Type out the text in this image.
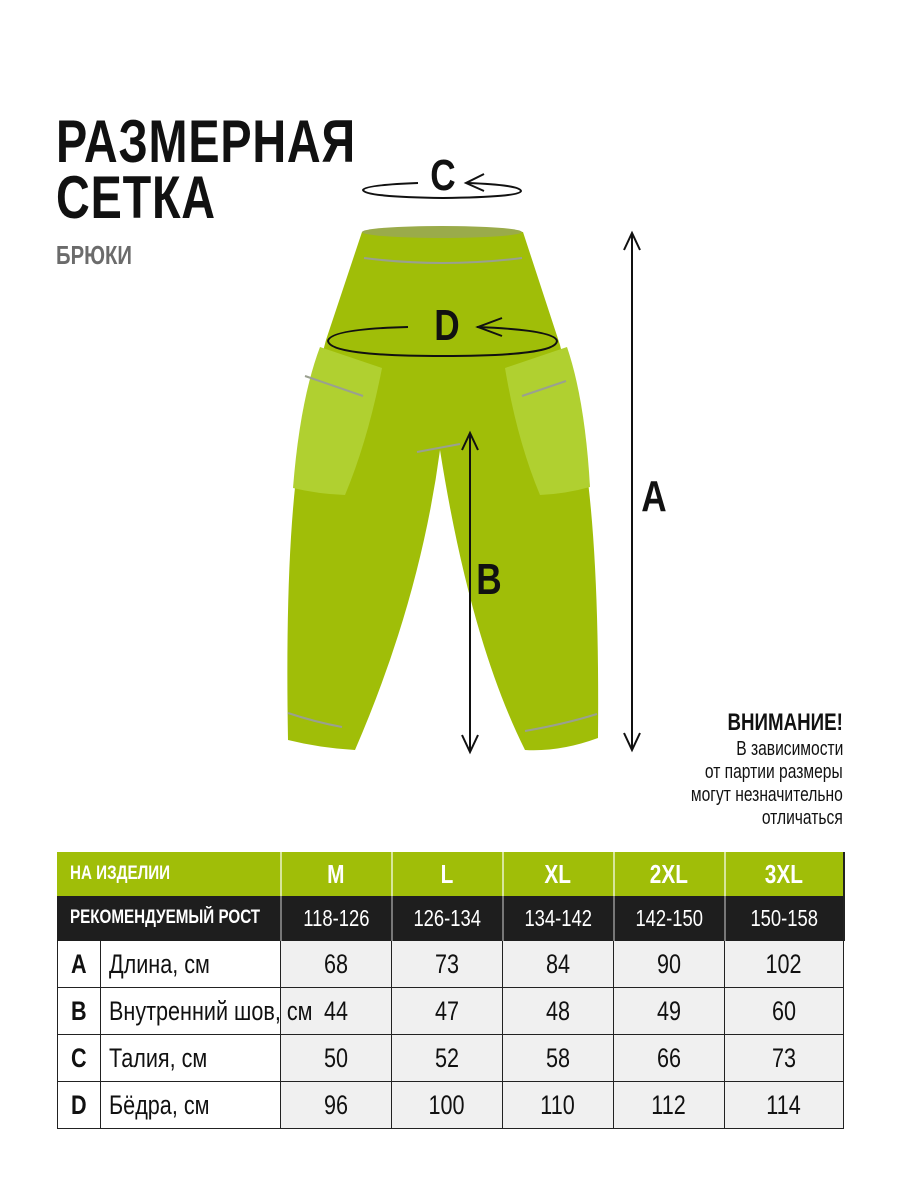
РАЗМЕРНАЯ
СЕТКА
БРЮКИ
C
D
B
A
ВНИМАНИЕ!
В зависимости
от партии размеры
могут незначительно
отличаться
НА ИЗДЕЛИИ		M	L	XL	2XL	3XL
РЕКОМЕНДУЕМЫЙ РОСТ		118-126	126-134	134-142	142-150	150-158
A	Длина, см	68	73	84	90	102
B	Внутренний шов, см	44	47	48	49	60
C	Талия, см	50	52	58	66	73
D	Бёдра, см	96	100	110	112	114
